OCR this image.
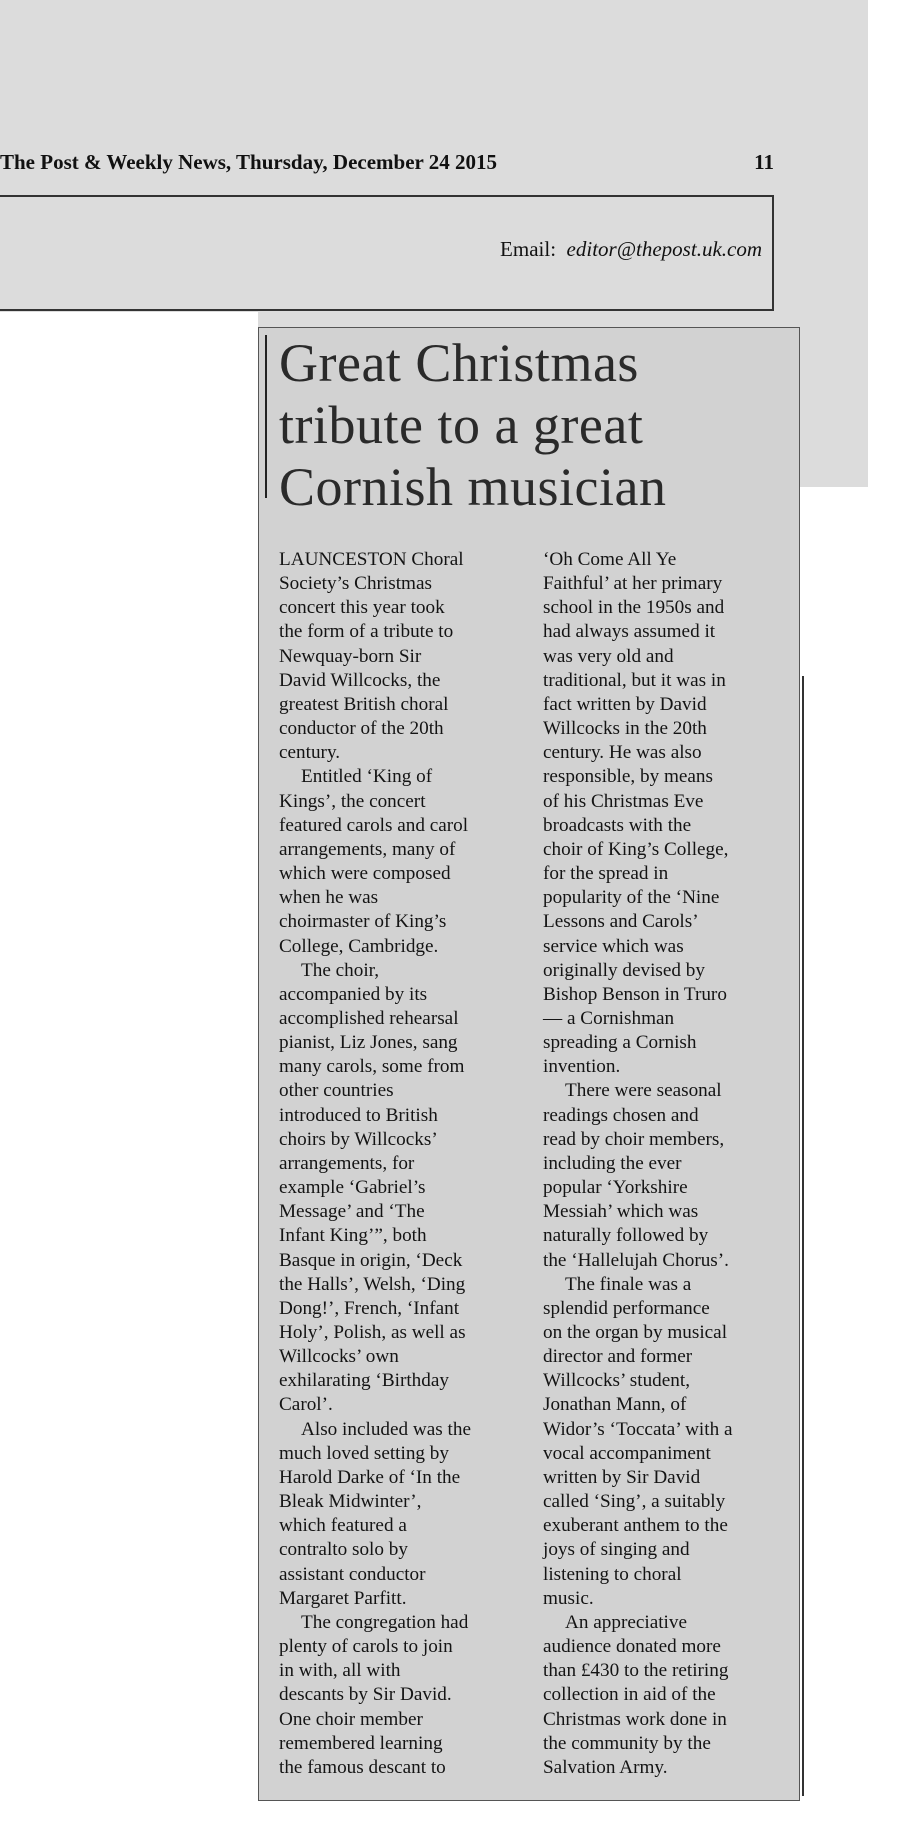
The Post & Weekly News, Thursday, December 24 2015	11
Email: editor@thepost.uk.com
Great Christmas
tribute to a great
Cornish musician

LAUNCESTON Choral

Society’s Christmas

concert this year took

the form of a tribute to

Newquay-born Sir

David Willcocks, the

greatest British choral

conductor of the 20th

century.

Entitled ‘King of

Kings’, the concert

featured carols and carol

arrangements, many of

which were composed

when he was

choirmaster of King’s

College, Cambridge.

The choir,

accompanied by its

accomplished rehearsal

pianist, Liz Jones, sang

many carols, some from

other countries

introduced to British

choirs by Willcocks’

arrangements, for

example ‘Gabriel’s

Message’ and ‘The

Infant King’”, both

Basque in origin, ‘Deck

the Halls’, Welsh, ‘Ding

Dong!’, French, ‘Infant

Holy’, Polish, as well as

Willcocks’ own

exhilarating ‘Birthday

Carol’.

Also included was the

much loved setting by

Harold Darke of ‘In the

Bleak Midwinter’,

which featured a

contralto solo by

assistant conductor

Margaret Parfitt.

The congregation had

plenty of carols to join

in with, all with

descants by Sir David.

One choir member

remembered learning

the famous descant to

‘Oh Come All Ye

Faithful’ at her primary

school in the 1950s and

had always assumed it

was very old and

traditional, but it was in

fact written by David

Willcocks in the 20th

century. He was also

responsible, by means

of his Christmas Eve

broadcasts with the

choir of King’s College,

for the spread in

popularity of the ‘Nine

Lessons and Carols’

service which was

originally devised by

Bishop Benson in Truro

— a Cornishman

spreading a Cornish

invention.

There were seasonal

readings chosen and

read by choir members,

including the ever

popular ‘Yorkshire

Messiah’ which was

naturally followed by

the ‘Hallelujah Chorus’.

The finale was a

splendid performance

on the organ by musical

director and former

Willcocks’ student,

Jonathan Mann, of

Widor’s ‘Toccata’ with a

vocal accompaniment

written by Sir David

called ‘Sing’, a suitably

exuberant anthem to the

joys of singing and

listening to choral

music.

An appreciative

audience donated more

than £430 to the retiring

collection in aid of the

Christmas work done in

the community by the

Salvation Army.
